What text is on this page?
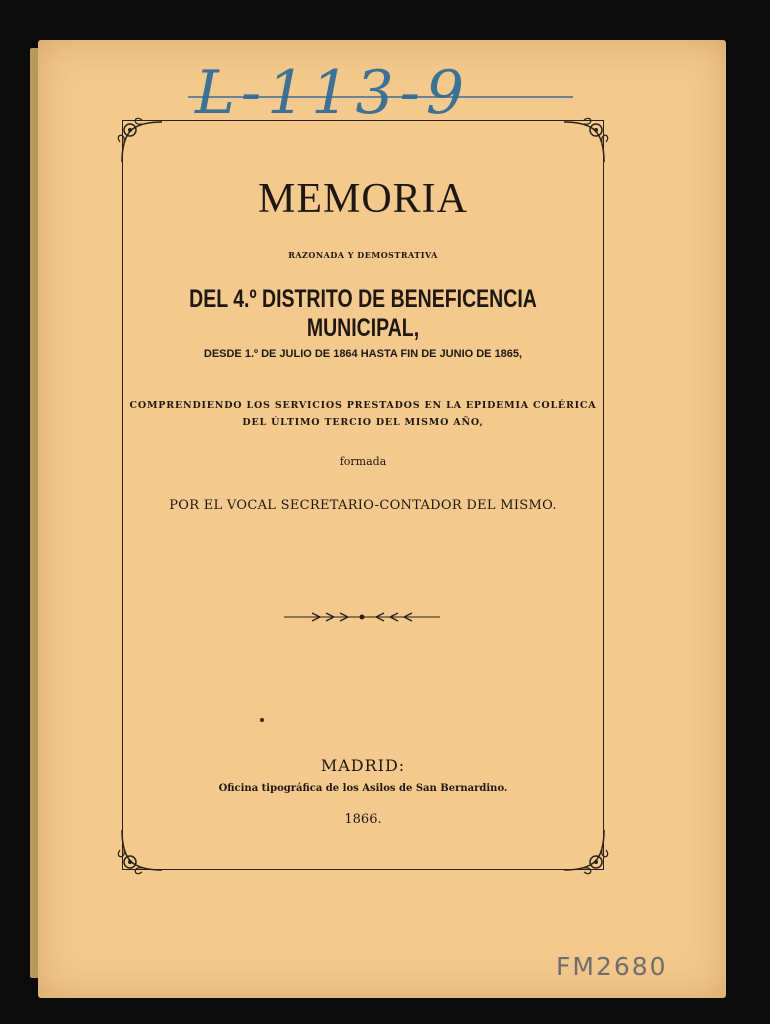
L-113-9
MEMORIA
RAZONADA Y DEMOSTRATIVA
DEL 4.º DISTRITO DE BENEFICENCIA MUNICIPAL,
DESDE 1.º DE JULIO DE 1864 HASTA FIN DE JUNIO DE 1865,
COMPRENDIENDO LOS SERVICIOS PRESTADOS EN LA EPIDEMIA COLÉRICA
DEL ÚLTIMO TERCIO DEL MISMO AÑO,
formada
POR EL VOCAL SECRETARIO-CONTADOR DEL MISMO.
MADRID:
Oficina tipográfica de los Asilos de San Bernardino.
1866.
FM2680
